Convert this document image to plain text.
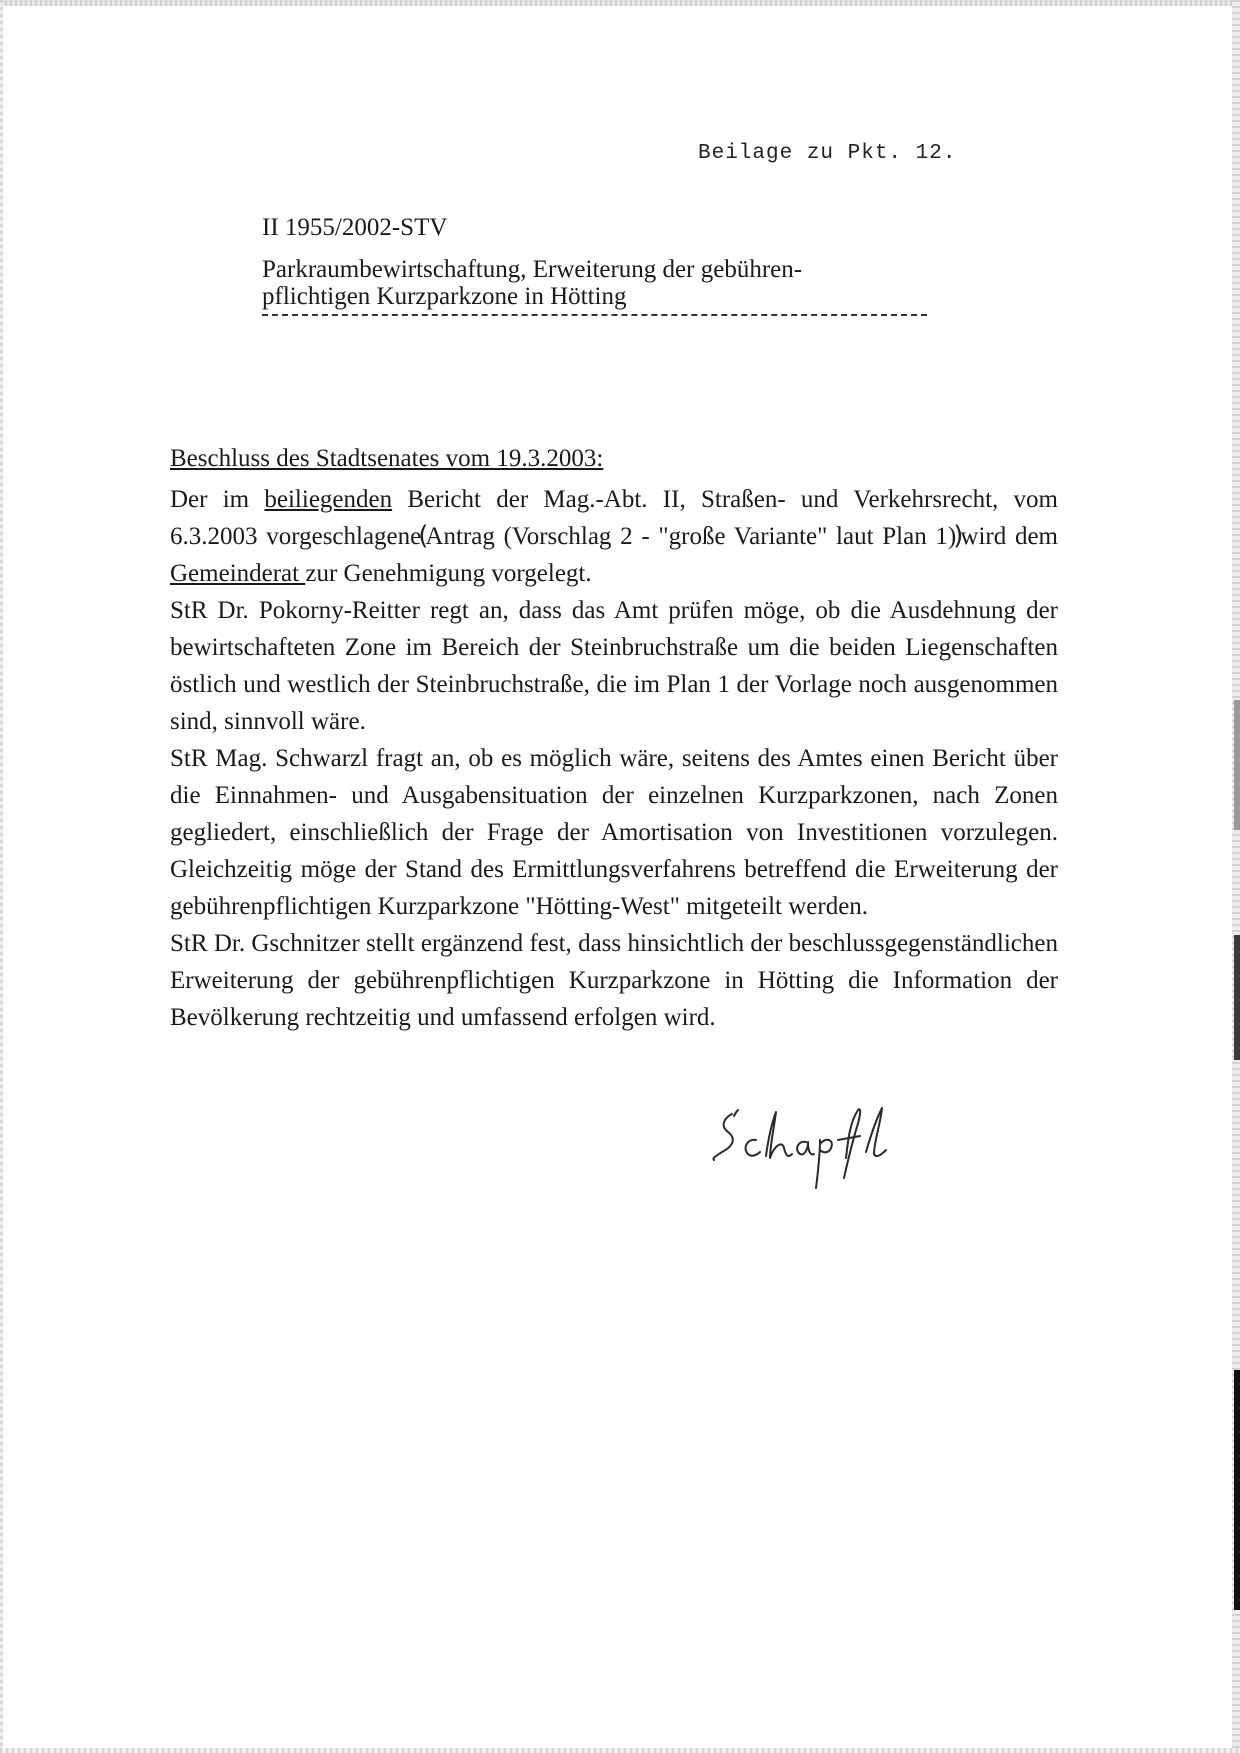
Beilage zu Pkt. 12.
II 1955/2002-STV
Parkraumbewirtschaftung, Erweiterung der gebühren-
pflichtigen Kurzparkzone in Hötting
Beschluss des Stadtsenates vom 19.3.2003:

Der im beiliegenden Bericht der Mag.-Abt. II, Straßen- und Verkehrsrecht, vom 6.3.2003 vorgeschlagene(Antrag (Vorschlag 2 - "große Variante" laut Plan 1))wird dem Gemeinderat zur Genehmigung vorgelegt.

StR Dr. Pokorny-Reitter regt an, dass das Amt prüfen möge, ob die Ausdehnung der bewirtschafteten Zone im Bereich der Steinbruchstraße um die beiden Liegenschaften östlich und westlich der Steinbruchstraße, die im Plan 1 der Vorlage noch ausgenommen sind, sinnvoll wäre.

StR Mag. Schwarzl fragt an, ob es möglich wäre, seitens des Amtes einen Bericht über die Einnahmen- und Ausgabensituation der einzelnen Kurzparkzonen, nach Zonen gegliedert, einschließlich der Frage der Amortisation von Investitionen vorzulegen. Gleichzeitig möge der Stand des Ermittlungsverfahrens betreffend die Erweiterung der gebührenpflichtigen Kurzparkzone "Hötting-West" mitgeteilt werden.

StR Dr. Gschnitzer stellt ergänzend fest, dass hinsichtlich der beschlussgegenständlichen Erweiterung der gebührenpflichtigen Kurzparkzone in Hötting die Information der Bevölkerung rechtzeitig und umfassend erfolgen wird.
